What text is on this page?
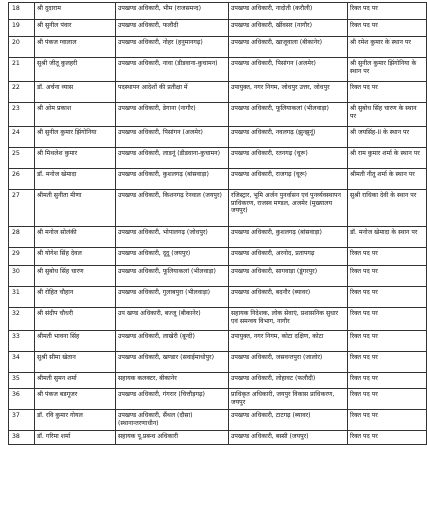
18	श्री दुदाराम	उपखण्ड अधिकारी, भीम (राजसमन्द)	उपखण्ड अधिकारी, नादोती (करौली)	रिक्त पद पर
19	श्री सुनील पंवार	उपखण्ड अधिकारी, फलौदी	उपखण्ड अधिकारी, खींवसर (नागौर)	रिक्त पद पर
20	श्री पंकज ग्वालाल	उपखण्ड अधिकारी, नोहर (हनुमानगढ़)	उपखण्ड अधिकारी, खाजूवाला (बीकानेर)	श्री रमेश कुमार के स्थान पर
21	सुश्री जीतू कुलहरी	उपखण्ड अधिकारी, नावा (डीडवाना-कुचामन)	उपखण्ड अधिकारी, पिसांगन (अजमेर)	श्री सुनील कुमार झिंगोनिया के स्थान पर
22	डॉ. अर्चना व्यास	पदस्थापन आदेशों की प्रतीक्षा में	उपायुक्त, नगर निगम, जोधपुर उत्तर, जोधपुर	रिक्त पद पर
23	श्री ओम प्रकाश	उपखण्ड अधिकारी, डेगाना (नागौर)	उपखण्ड अधिकारी, फूलियाकलां (भीलवाड़ा)	श्री सुबोध सिंह चारण के स्थान पर
24	श्री सुनील कुमार झिंगोनिया	उपखण्ड अधिकारी, पिसांगन (अजमेर)	उपखण्ड अधिकारी, नवलगढ़ (झुन्झुनूं)	श्री जयसिंह-II के स्थान पर
25	श्री मिथलेश कुमार	उपखण्ड अधिकारी, लाडनूं (डीडवाना-कुचामन)	उपखण्ड अधिकारी, रतनगढ़ (चूरू)	श्री राम कुमार शर्मा के स्थान पर
26	डॉ. मनोज खेमादा	उपखण्ड अधिकारी, कुशलगढ़ (बांसवाड़ा)	उपखण्ड अधिकारी, राजगढ़ (चूरू)	श्रीमती नीतू शर्मा के स्थान पर
27	श्रीमती सुनीता मीणा	उपखण्ड अधिकारी, किशनगढ़ रेनवाल (जयपुर)	रजिस्ट्रार, भूमि अर्जन पुनर्वासन एवं पुनर्व्यवस्थापन प्राधिकरण, राजस्व मण्डल, अजमेर (मुख्यालय जयपुर)	सुश्री राधिका देवी के स्थान पर
28	श्री मनोज सोलंकी	उपखण्ड अधिकारी, भोपालगढ़ (जोधपुर)	उपखण्ड अधिकारी, कुशलगढ़ (बांसवाड़ा)	डॉ. मनोज खेमादा के स्थान पर
29	श्री योगेश सिंह देवल	उपखण्ड अधिकारी, दूदू (जयपुर)	उपखण्ड अधिकारी, अरनोद, प्रतापगढ़	रिक्त पद पर
30	श्री सुबोध सिंह चारण	उपखण्ड अधिकारी, फूलियाकलां (भीलवाड़ा)	उपखण्ड अधिकारी, सागवाड़ा (डूंगरपुर)	रिक्त पद पर
31	श्री रोहित चौहान	उपखण्ड अधिकारी, गुलाबपुरा (भीलवाड़ा)	उपखण्ड अधिकारी, बदनौर (ब्यावर)	रिक्त पद पर
32	श्री संदीप चौधरी	उप खण्ड अधिकारी, बज्जू (बीकानेर)	सहायक निदेशक, लोक सेवाएं, प्रशासनिक सुधार एवं समन्वय विभाग, नागौर	रिक्त पद पर
33	श्रीमती भावना सिंह	उपखण्ड अधिकारी, लाखेरी (बून्दी)	उपायुक्त, नगर निगम, कोटा दक्षिण, कोटा	रिक्त पद पर
34	सुश्री सीमा खेतान	उपखण्ड अधिकारी, खण्डार (सवाईमाधोपुर)	उपखण्ड अधिकारी, जसवन्तपुरा (जालोर)	रिक्त पद पर
35	श्रीमती सुमन शर्मा	सहायक कलक्टर, बीकानेर	उपखण्ड अधिकारी, लोहावट (फलौदी)	रिक्त पद पर
36	श्री पंकज बडगूजर	उपखण्ड अधिकारी, गंगरार (चित्तौड़गढ़)	प्राधिकृत अधिकारी, जयपुर विकास प्राधिकरण, जयपुर	रिक्त पद पर
37	डॉ. रवि कुमार गोयल	उपखण्ड अधिकारी, सैंथल (दौसा) (स्थानान्तरणाधीन)	उपखण्ड अधिकारी, टाटगढ़ (ब्यावर)	रिक्त पद पर
38	डॉ. गरिमा शर्मा	सहायक पू.प्रबन्ध अधिकारी	उपखण्ड अधिकारी, बस्सी (जयपुर)	रिक्त पद पर
